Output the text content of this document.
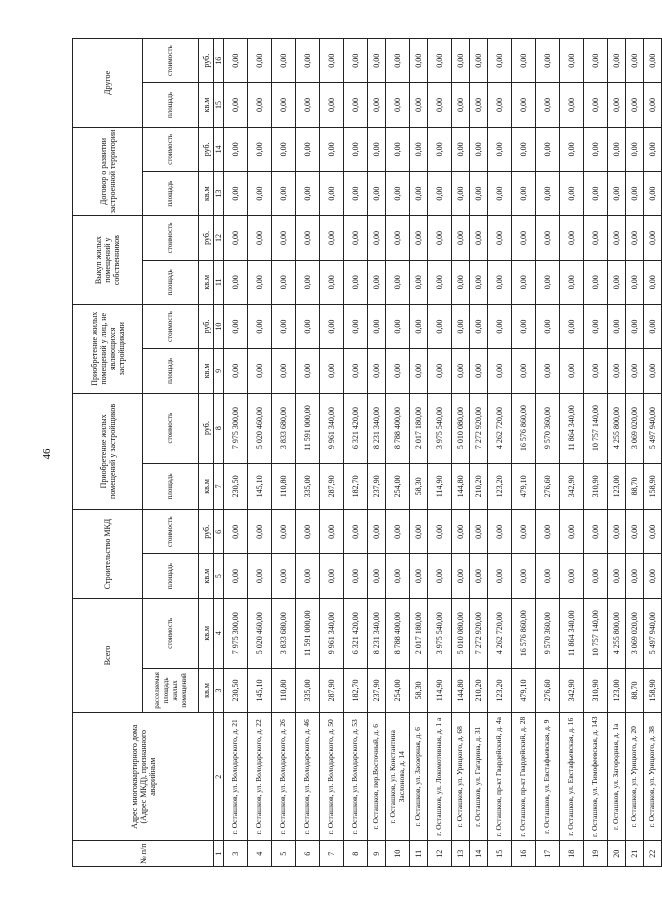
46
№ п/п	Адрес многоквартирного дома (Адрес МКД), признанного аварийным	Всего		Строительство МКД		Приобретение жилых помещений у застройщиков		Приобретение жилых помещений у лиц, не являющихся застройщиками		Выкуп жилых помещений у собственников		Договор о развитии застроенной территории		Другое	
		расселяемая площадь жилых помещений	стоимость	площадь	стоимость	площадь	стоимость	площадь	стоимость	площадь	стоимость	площадь	стоимость	площадь	стоимость
		кв.м	кв.м	кв.м	руб.	кв.м	руб.	кв.м	руб.	кв.м	руб.	кв.м	руб.	кв.м	руб.
1	2	3	4	5	6	7	8	9	10	11	12	13	14	15	16
3	г. Осташков, ул. Володарского, д. 21	230,50	7 975 300,00	0,00	0,00	230,50	7 975 300,00	0,00	0,00	0,00	0,00	0,00	0,00	0,00	0,00
4	г. Осташков, ул. Володарского, д. 22	145,10	5 020 460,00	0,00	0,00	145,10	5 020 460,00	0,00	0,00	0,00	0,00	0,00	0,00	0,00	0,00
5	г. Осташков, ул. Володарского, д. 26	110,80	3 833 680,00	0,00	0,00	110,80	3 833 680,00	0,00	0,00	0,00	0,00	0,00	0,00	0,00	0,00
6	г. Осташков, ул. Володарского, д. 46	335,00	11 591 000,00	0,00	0,00	335,00	11 591 000,00	0,00	0,00	0,00	0,00	0,00	0,00	0,00	0,00
7	г. Осташков, ул. Володарского, д. 50	287,90	9 961 340,00	0,00	0,00	287,90	9 961 340,00	0,00	0,00	0,00	0,00	0,00	0,00	0,00	0,00
8	г. Осташков, ул. Володарского, д. 53	182,70	6 321 420,00	0,00	0,00	182,70	6 321 420,00	0,00	0,00	0,00	0,00	0,00	0,00	0,00	0,00
9	г. Осташков, пер.Восточный, д. 6	237,90	8 231 340,00	0,00	0,00	237,90	8 231 340,00	0,00	0,00	0,00	0,00	0,00	0,00	0,00	0,00
10	г. Осташков, ул. Константина Заслонова, д. 14	254,00	8 788 400,00	0,00	0,00	254,00	8 788 400,00	0,00	0,00	0,00	0,00	0,00	0,00	0,00	0,00
11	г. Осташков, ул. Заозерная, д. 6	58,30	2 017 180,00	0,00	0,00	58,30	2 017 180,00	0,00	0,00	0,00	0,00	0,00	0,00	0,00	0,00
12	г. Осташков, ул. Локомотивная, д. 1 а	114,90	3 975 540,00	0,00	0,00	114,90	3 975 540,00	0,00	0,00	0,00	0,00	0,00	0,00	0,00	0,00
13	г. Осташков, ул. Урицкого, д. 68	144,80	5 010 080,00	0,00	0,00	144,80	5 010 080,00	0,00	0,00	0,00	0,00	0,00	0,00	0,00	0,00
14	г. Осташков, ул. Гагарина, д. 31	210,20	7 272 920,00	0,00	0,00	210,20	7 272 920,00	0,00	0,00	0,00	0,00	0,00	0,00	0,00	0,00
15	г. Осташков, пр-кт Гвардейский, д. 4а	123,20	4 262 720,00	0,00	0,00	123,20	4 262 720,00	0,00	0,00	0,00	0,00	0,00	0,00	0,00	0,00
16	г. Осташков, пр-кт Гвардейский, д. 28	479,10	16 576 860,00	0,00	0,00	479,10	16 576 860,00	0,00	0,00	0,00	0,00	0,00	0,00	0,00	0,00
17	г. Осташков, ул. Евстафьевская, д. 9	276,60	9 570 360,00	0,00	0,00	276,60	9 570 360,00	0,00	0,00	0,00	0,00	0,00	0,00	0,00	0,00
18	г. Осташков, ул. Евстафьевская, д. 16	342,90	11 864 340,00	0,00	0,00	342,90	11 864 340,00	0,00	0,00	0,00	0,00	0,00	0,00	0,00	0,00
19	г. Осташков, ул. Тимофеевская, д. 143	310,90	10 757 140,00	0,00	0,00	310,90	10 757 140,00	0,00	0,00	0,00	0,00	0,00	0,00	0,00	0,00
20	г. Осташков, ул. Загородная, д. 1а	123,00	4 255 800,00	0,00	0,00	123,00	4 255 800,00	0,00	0,00	0,00	0,00	0,00	0,00	0,00	0,00
21	г. Осташков, ул. Урицкого, д. 20	88,70	3 069 020,00	0,00	0,00	88,70	3 069 020,00	0,00	0,00	0,00	0,00	0,00	0,00	0,00	0,00
22	г. Осташков, ул. Урицкого, д. 38	158,90	5 497 940,00	0,00	0,00	158,90	5 497 940,00	0,00	0,00	0,00	0,00	0,00	0,00	0,00	0,00
